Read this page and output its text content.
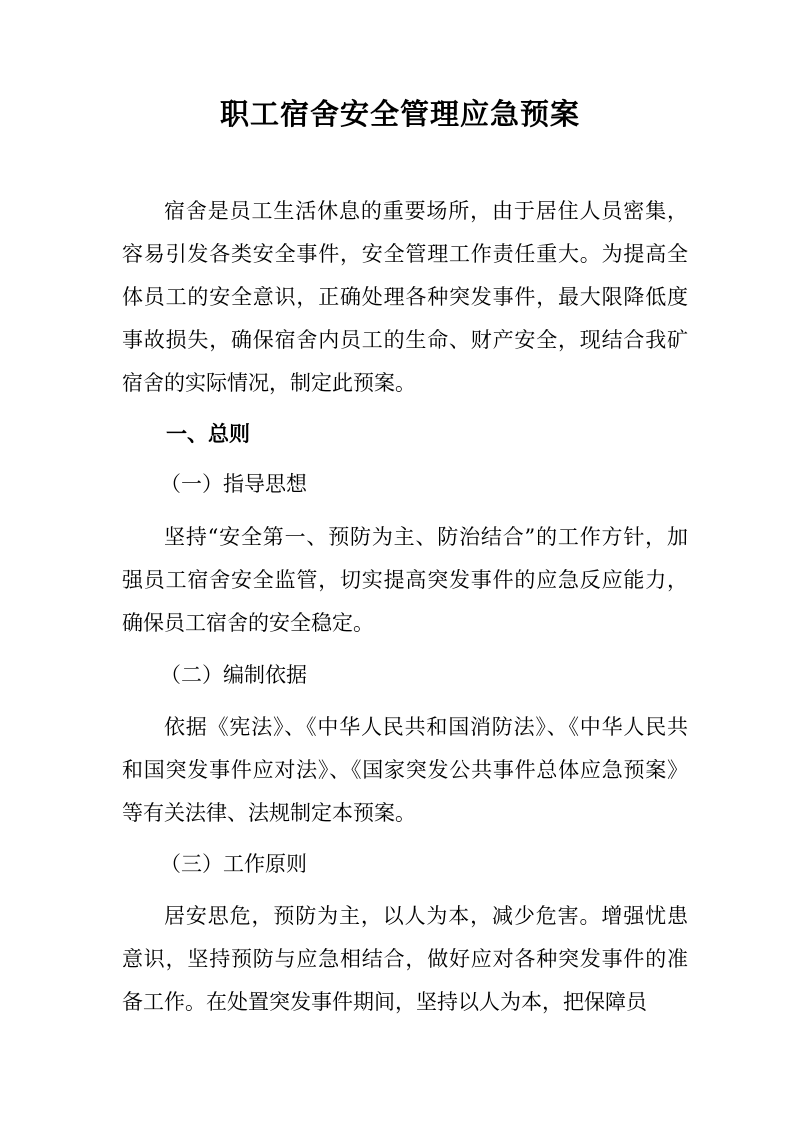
职工宿舍安全管理应急预案

宿舍是员工生活休息的重要场所，由于居住人员密集，容易引发各类安全事件，安全管理工作责任重大。为提高全体员工的安全意识，正确处理各种突发事件，最大限降低度事故损失，确保宿舍内员工的生命、财产安全，现结合我矿宿舍的实际情况，制定此预案。

一、总则

（一）指导思想

坚持“安全第一、预防为主、防治结合”的工作方针，加强员工宿舍安全监管，切实提高突发事件的应急反应能力，确保员工宿舍的安全稳定。

（二）编制依据

依据《宪法》、《中华人民共和国消防法》、《中华人民共和国突发事件应对法》、《国家突发公共事件总体应急预案》等有关法律、法规制定本预案。

（三）工作原则

居安思危，预防为主，以人为本，减少危害。增强忧患意识，坚持预防与应急相结合，做好应对各种突发事件的准备工作。在处置突发事件期间，坚持以人为本，把保障员
